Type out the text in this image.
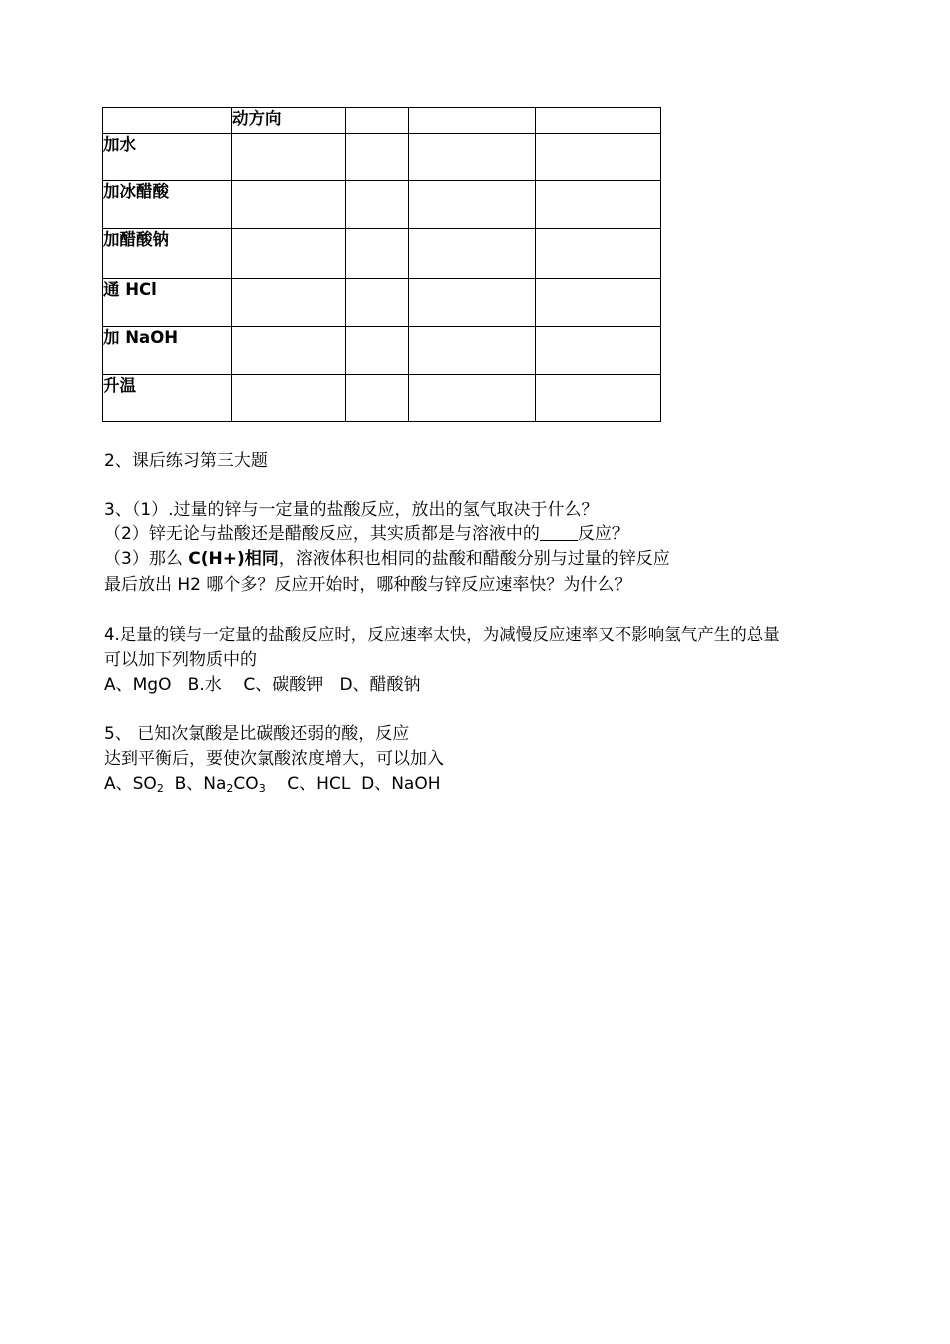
	动方向			
加水				
加冰醋酸				
加醋酸钠				
通 HCl				
加 NaOH				
升温				
2、课后练习第三大题
3、（1）.过量的锌与一定量的盐酸反应，放出的氢气取决于什么？
（2）锌无论与盐酸还是醋酸反应，其实质都是与溶液中的 反应？
（3）那么 C(H+)相同，溶液体积也相同的盐酸和醋酸分别与过量的锌反应
最后放出 H2 哪个多？反应开始时，哪种酸与锌反应速率快？为什么？
4.足量的镁与一定量的盐酸反应时，反应速率太快，为减慢反应速率又不影响氢气产生的总量
可以加下列物质中的
A、MgO   B.水    C、碳酸钾   D、醋酸钠
5、 已知次氯酸是比碳酸还弱的酸，反应
达到平衡后，要使次氯酸浓度增大，可以加入
A、$SO_2$  B、$Na_2CO_3$    C、HCL  D、NaOH
